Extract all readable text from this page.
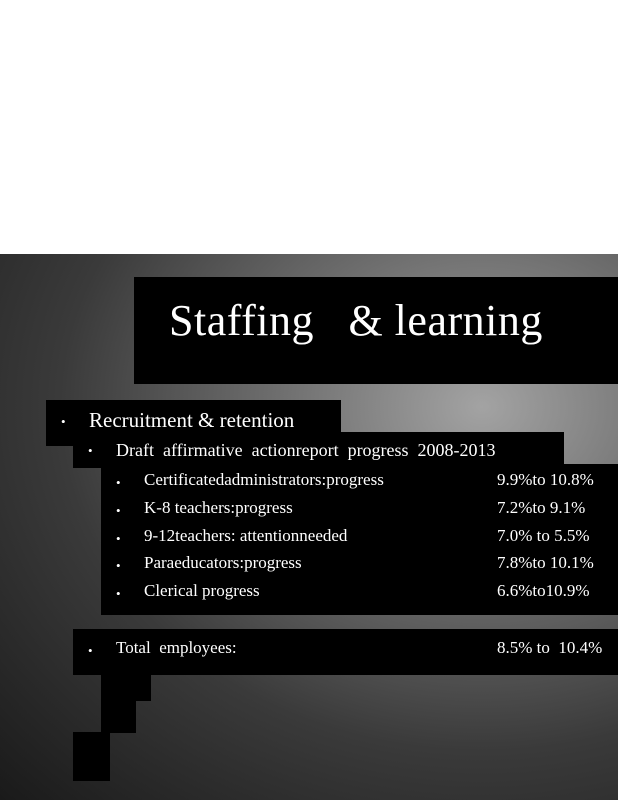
Staffing   & learning
• Recruitment & retention
• Draft  affirmative  actionreport  progress  2008-2013
• Certificatedadministrators:progress	9.9%to 10.8%
• K-8 teachers:progress	7.2%to 9.1%
• 9-12teachers: attentionneeded	7.0% to 5.5%
• Paraeducators:progress	7.8%to 10.1%
• Clerical progress	6.6%to10.9%
• Total  employees:	8.5% to  10.4%
